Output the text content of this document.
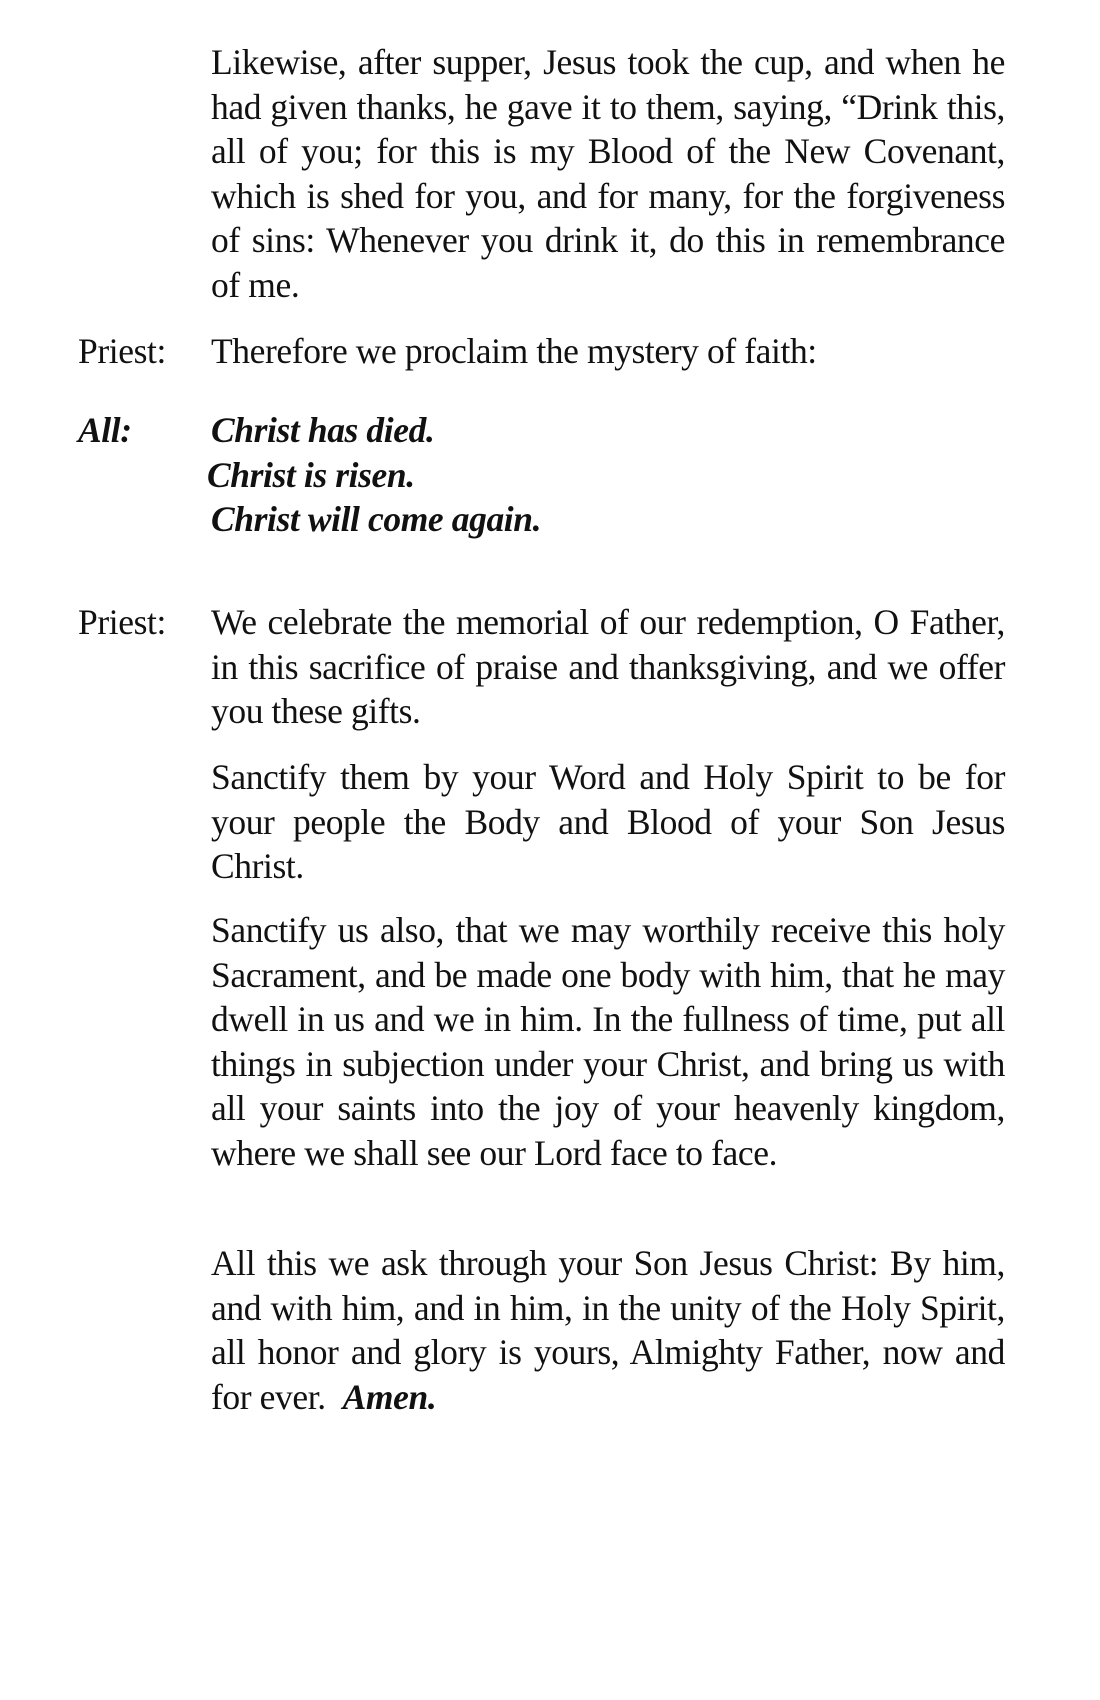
Likewise, after supper, Jesus took the cup, and when he had given thanks, he gave it to them, saying, “Drink this, all of you; for this is my Blood of the New Covenant, which is shed for you, and for many, for the forgiveness of sins: Whenever you drink it, do this in remembrance of me.

Priest:	Therefore we proclaim the mystery of faith:
All:	Christ has died.
Christ is risen.
Christ will come again.
Priest:	We celebrate the memorial of our redemption, O Father, in this sacrifice of praise and thanksgiving, and we offer you these gifts.

Sanctify them by your Word and Holy Spirit to be for your people the Body and Blood of your Son Jesus Christ.

Sanctify us also, that we may worthily receive this holy Sacrament, and be made one body with him, that he may dwell in us and we in him. In the fullness of time, put all things in subjection under your Christ, and bring us with all your saints into the joy of your heavenly kingdom, where we shall see our Lord face to face.

All this we ask through your Son Jesus Christ: By him, and with him, and in him, in the unity of the Holy Spirit, all honor and glory is yours, Almighty Father, now and for ever. Amen.
